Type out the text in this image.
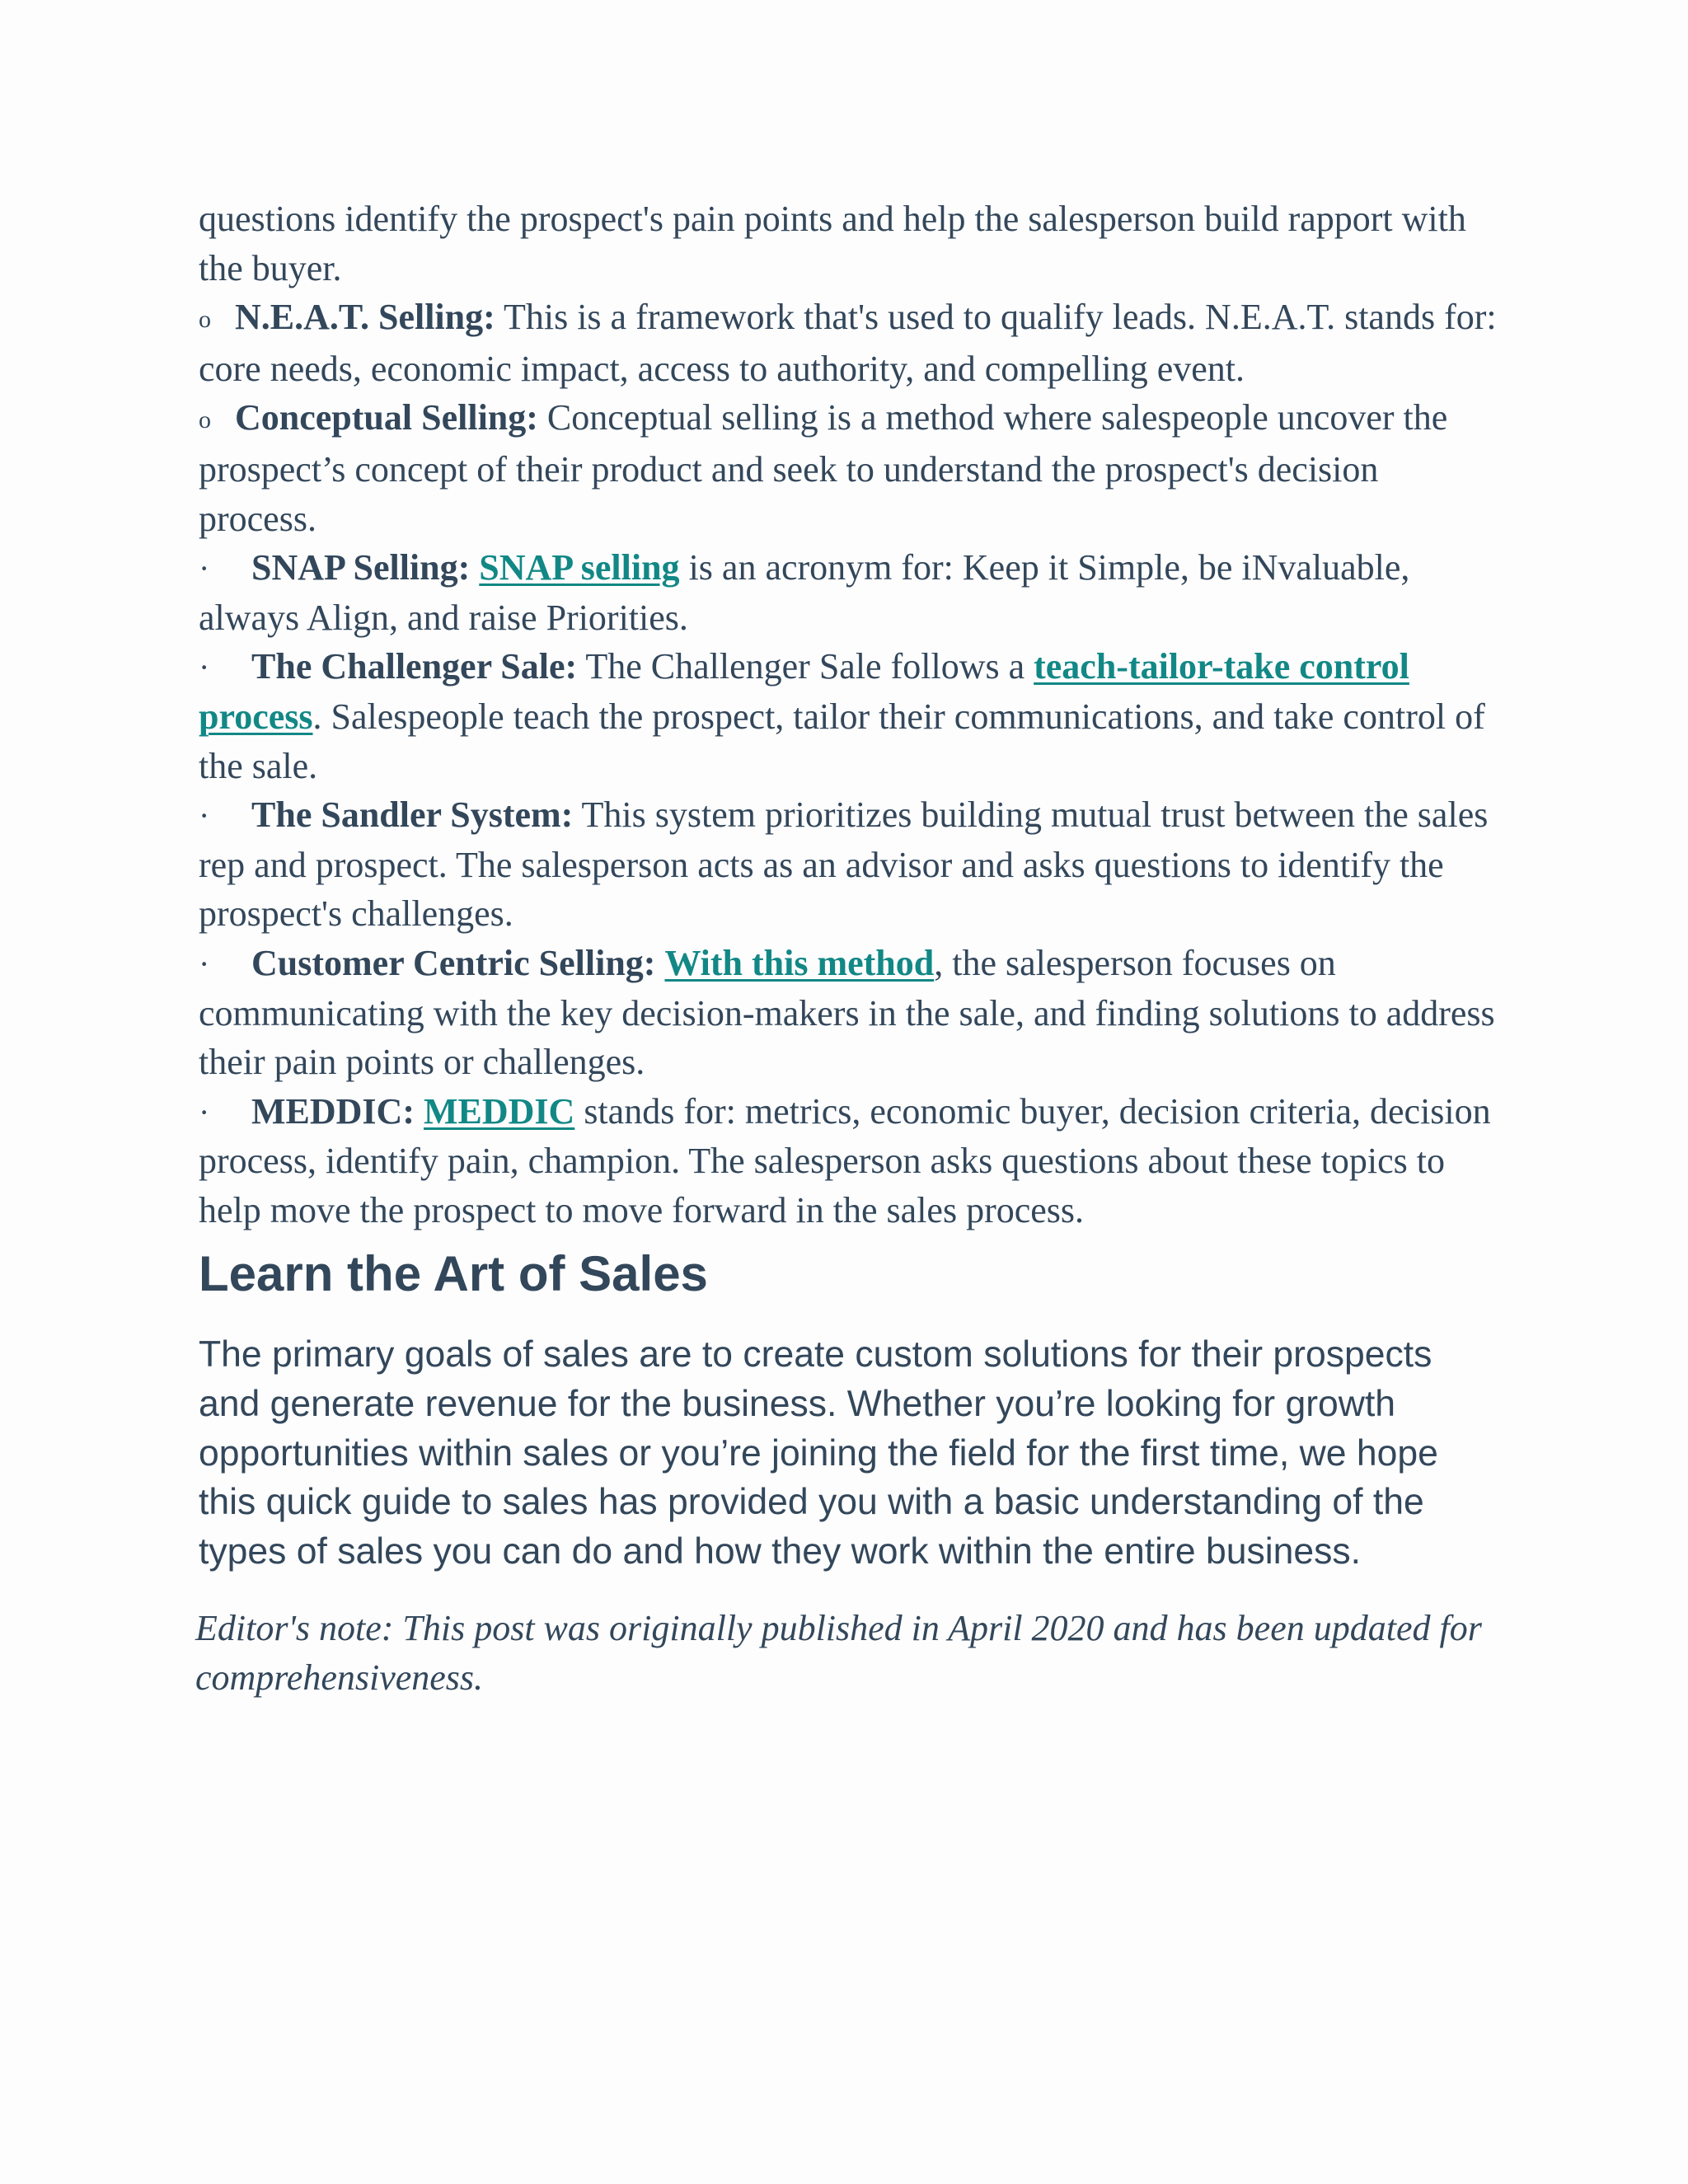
questions identify the prospect's pain points and help the salesperson build rapport with the buyer.

o N.E.A.T. Selling: This is a framework that's used to qualify leads. N.E.A.T. stands for: core needs, economic impact, access to authority, and compelling event.

o Conceptual Selling: Conceptual selling is a method where salespeople uncover the prospect’s concept of their product and seek to understand the prospect's decision process.

· SNAP Selling: SNAP selling is an acronym for: Keep it Simple, be iNvaluable, always Align, and raise Priorities.

· The Challenger Sale: The Challenger Sale follows a teach-tailor-take control process. Salespeople teach the prospect, tailor their communications, and take control of the sale.

· The Sandler System: This system prioritizes building mutual trust between the sales rep and prospect. The salesperson acts as an advisor and asks questions to identify the prospect's challenges.

· Customer Centric Selling: With this method, the salesperson focuses on communicating with the key decision-makers in the sale, and finding solutions to address their pain points or challenges.

· MEDDIC: MEDDIC stands for: metrics, economic buyer, decision criteria, decision process, identify pain, champion. The salesperson asks questions about these topics to help move the prospect to move forward in the sales process.

Learn the Art of Sales

The primary goals of sales are to create custom solutions for their prospects and generate revenue for the business. Whether you’re looking for growth opportunities within sales or you’re joining the field for the first time, we hope this quick guide to sales has provided you with a basic understanding of the types of sales you can do and how they work within the entire business.

Editor's note: This post was originally published in April 2020 and has been updated for comprehensiveness.
